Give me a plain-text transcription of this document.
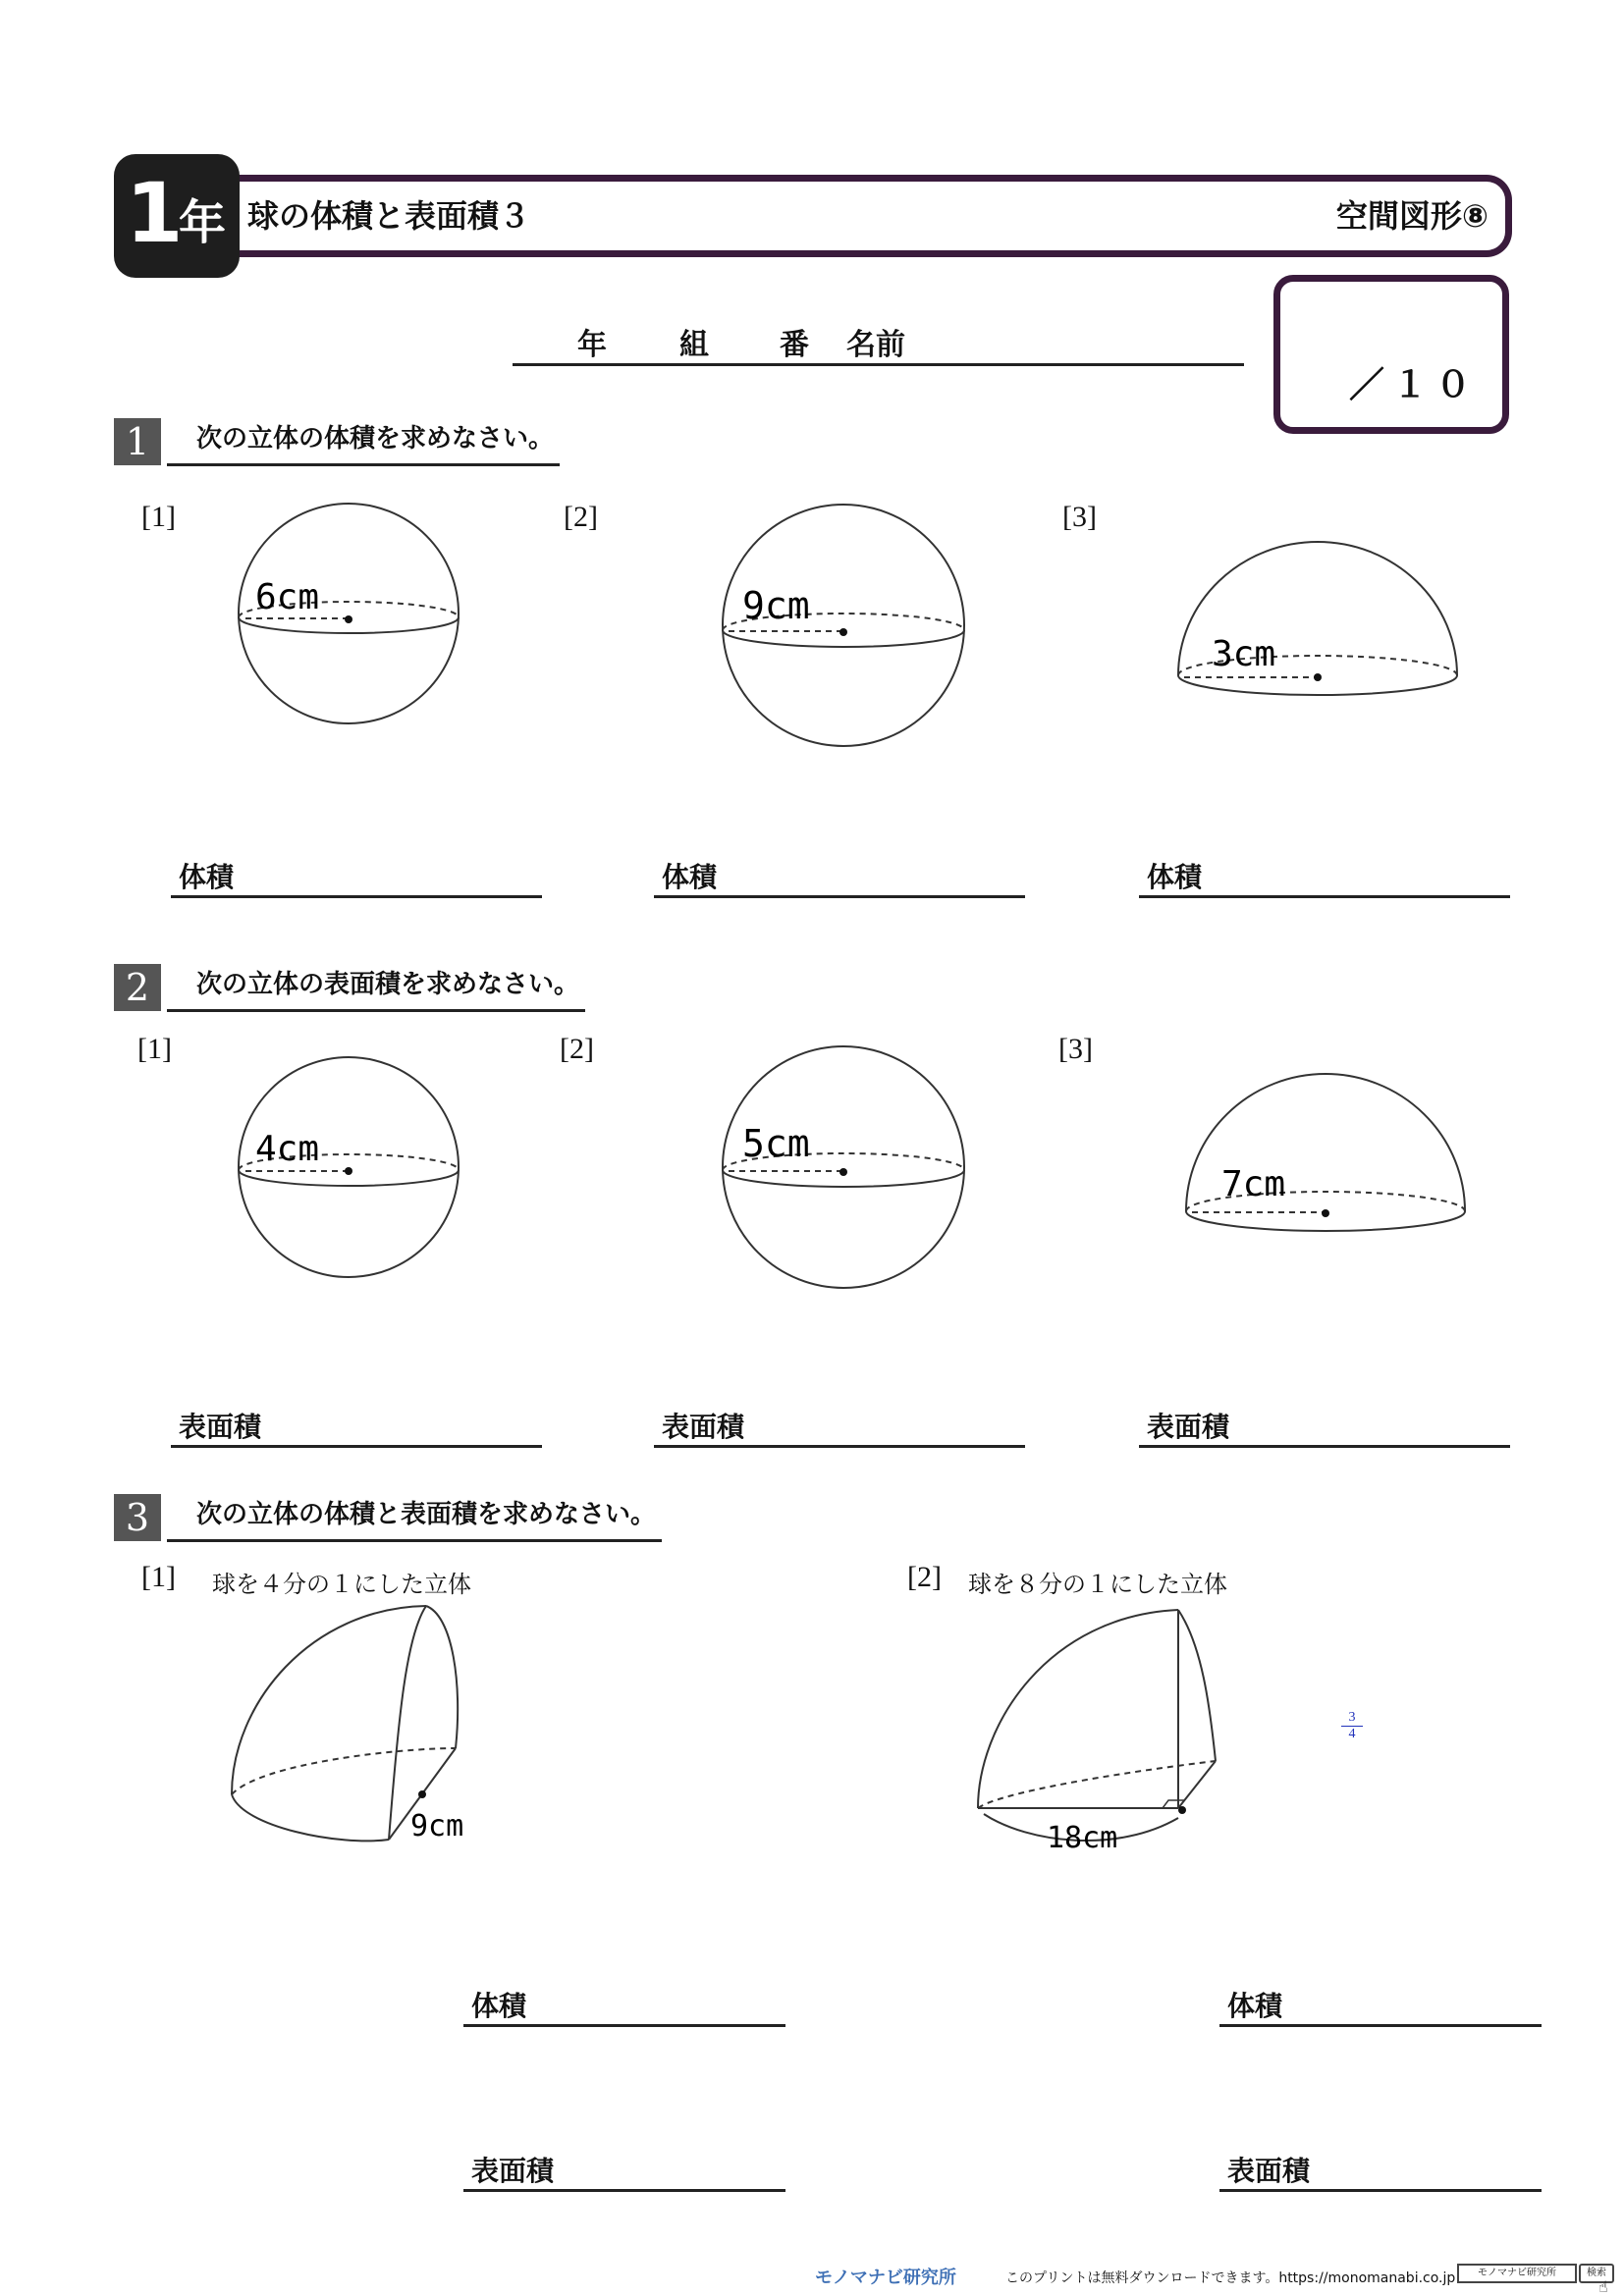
1
年 球の体積と表面積３	空間図形⑧
年 組 番 名前
／１０
1	次の立体の体積を求めなさい。
[1]	[2]	[3]
6cm	9cm
3cm
体積	体積	体積
2	次の立体の表面積を求めなさい。
[1]	[2]	[3]
4cm	5cm
7cm
表面積	表面積	表面積
3	次の立体の体積と表面積を求めなさい。
[1] 球を４分の１にした立体	[2] 球を８分の１にした立体
9cm	18cm
$\frac{3}{4}$
体積	体積
表面積	表面積
モノマナビ研究所	このプリントは無料ダウンロードできます。https://monomanabi.co.jp	モノマナビ研究所	検索
☝
